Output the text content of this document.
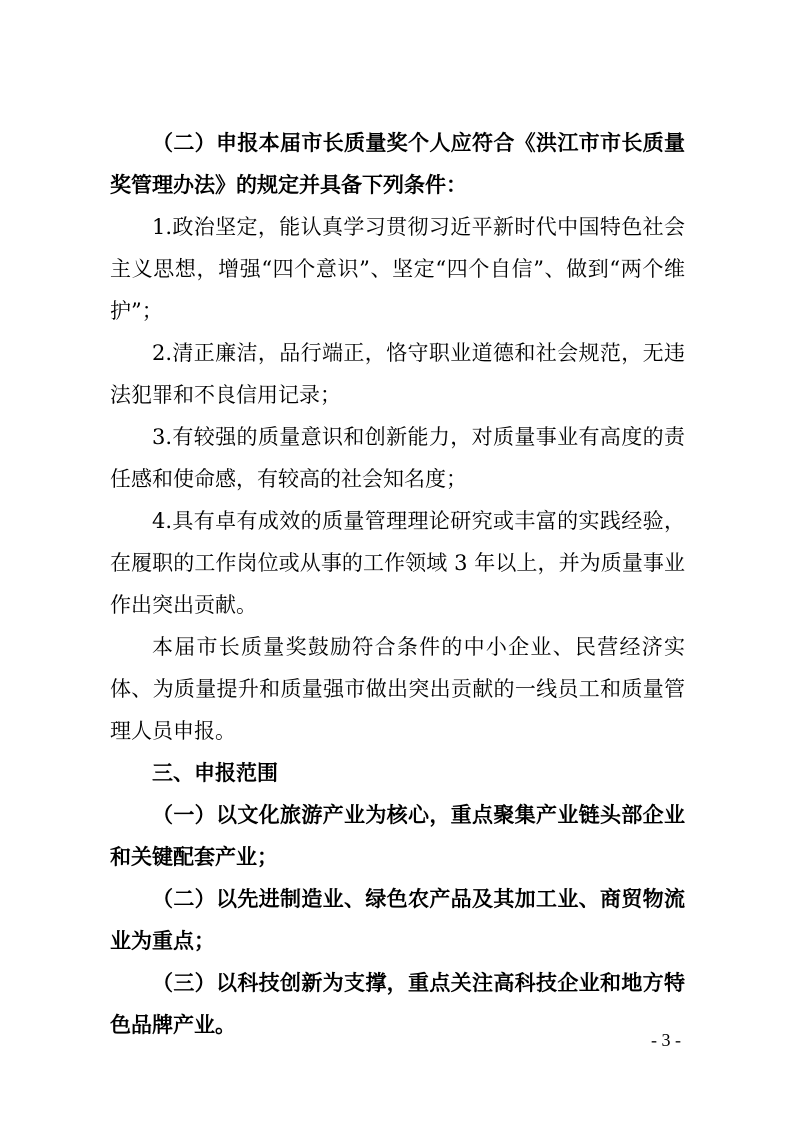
（二）申报本届市长质量奖个人应符合《洪江市市长质量奖管理办法》的规定并具备下列条件：

1.政治坚定，能认真学习贯彻习近平新时代中国特色社会主义思想，增强“四个意识”、坚定“四个自信”、做到“两个维护”；

2.清正廉洁，品行端正，恪守职业道德和社会规范，无违法犯罪和不良信用记录；

3.有较强的质量意识和创新能力，对质量事业有高度的责任感和使命感，有较高的社会知名度；

4.具有卓有成效的质量管理理论研究或丰富的实践经验，在履职的工作岗位或从事的工作领域 3 年以上，并为质量事业作出突出贡献。

本届市长质量奖鼓励符合条件的中小企业、民营经济实体、为质量提升和质量强市做出突出贡献的一线员工和质量管理人员申报。

三、申报范围

（一）以文化旅游产业为核心，重点聚集产业链头部企业和关键配套产业；

（二）以先进制造业、绿色农产品及其加工业、商贸物流业为重点；

（三）以科技创新为支撑，重点关注高科技企业和地方特色品牌产业。

- 3 -
